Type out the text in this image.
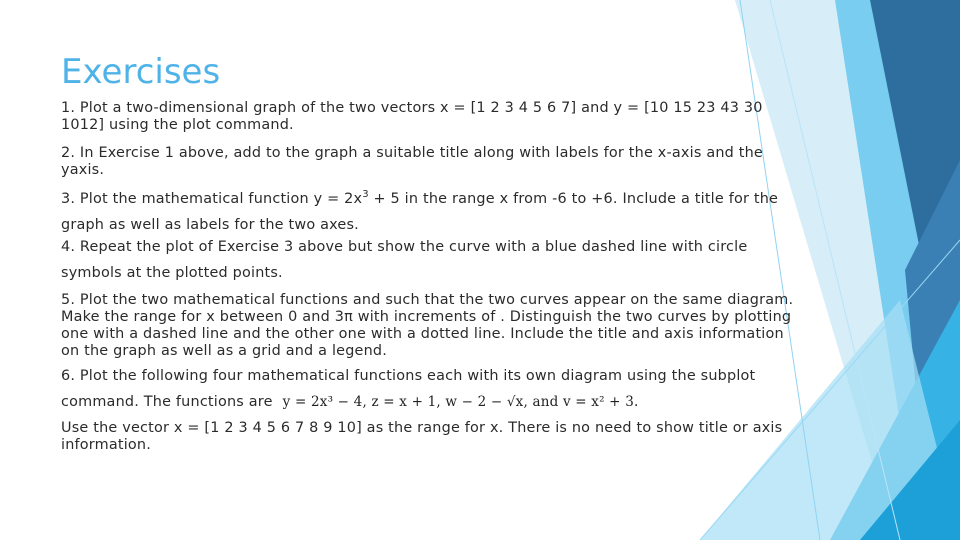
Exercises

1. Plot a two-dimensional graph of the two vectors x = [1 2 3 4 5 6 7] and y = [10 15 23 43 30 1012] using the plot command.

2. In Exercise 1 above, add to the graph a suitable title along with labels for the x-axis and the yaxis.

3. Plot the mathematical function $y = 2x^3 + 5$ in the range x from -6 to +6. Include a title for the graph as well as labels for the two axes.

4. Repeat the plot of Exercise 3 above but show the curve with a blue dashed line with circle symbols at the plotted points.

5. Plot the two mathematical functions and such that the two curves appear on the same diagram. Make the range for x between 0 and 3π with increments of . Distinguish the two curves by plotting one with a dashed line and the other one with a dotted line. Include the title and axis information on the graph as well as a grid and a legend.

6. Plot the following four mathematical functions each with its own diagram using the subplot command. The functions are y = 2x³ − 4, z = x + 1, w − 2 − √x, and v = x² + 3.

Use the vector x = [1 2 3 4 5 6 7 8 9 10] as the range for x. There is no need to show title or axis information.
